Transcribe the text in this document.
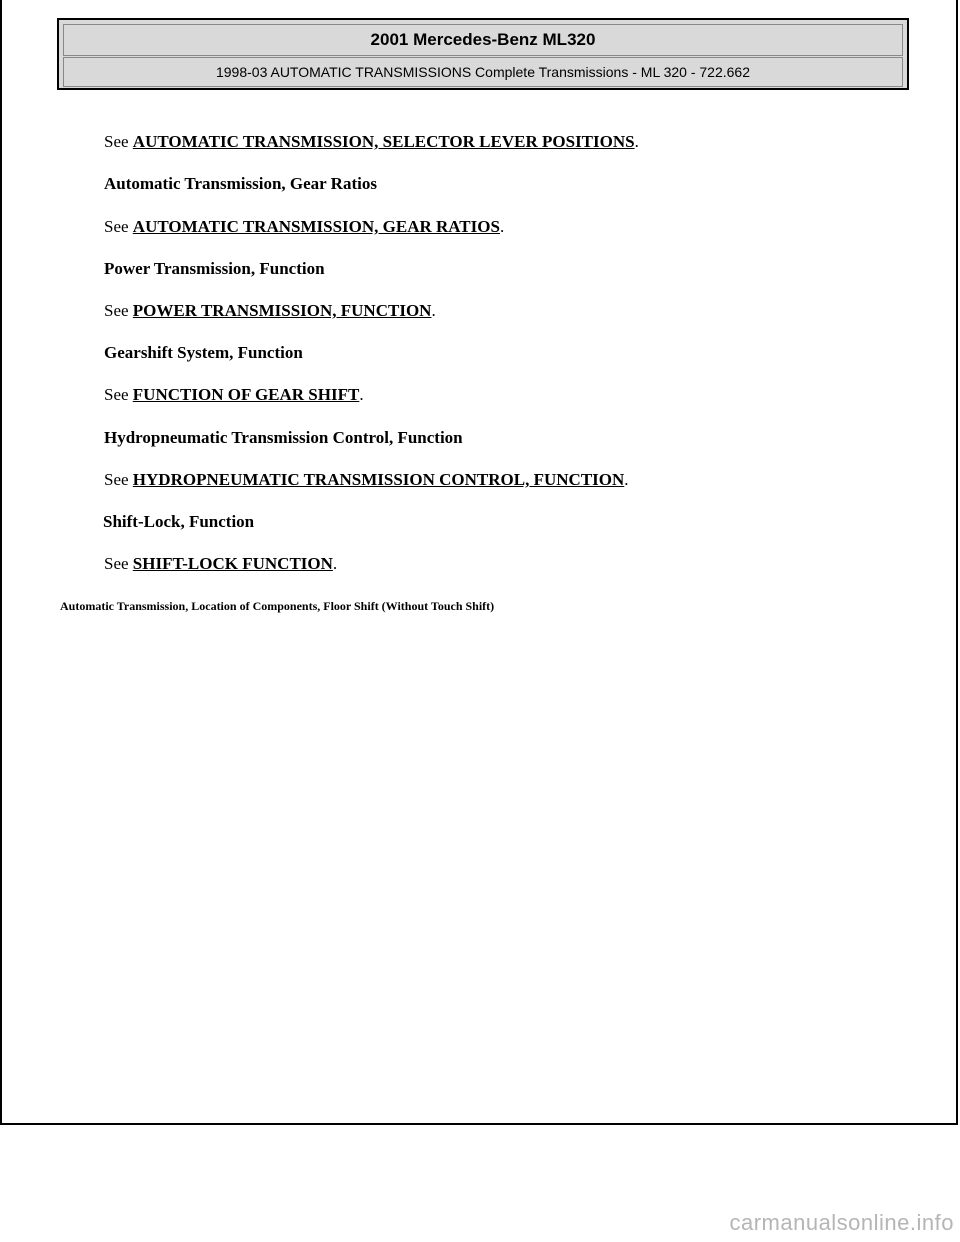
2001 Mercedes-Benz ML320
1998-03 AUTOMATIC TRANSMISSIONS Complete Transmissions - ML 320 - 722.662
See AUTOMATIC TRANSMISSION, SELECTOR LEVER POSITIONS.
Automatic Transmission, Gear Ratios
See AUTOMATIC TRANSMISSION, GEAR RATIOS.
Power Transmission, Function
See POWER TRANSMISSION, FUNCTION.
Gearshift System, Function
See FUNCTION OF GEAR SHIFT.
Hydropneumatic Transmission Control, Function
See HYDROPNEUMATIC TRANSMISSION CONTROL, FUNCTION.
Shift-Lock, Function
See SHIFT-LOCK FUNCTION.
Automatic Transmission, Location of Components, Floor Shift (Without Touch Shift)
carmanualsonline.info
